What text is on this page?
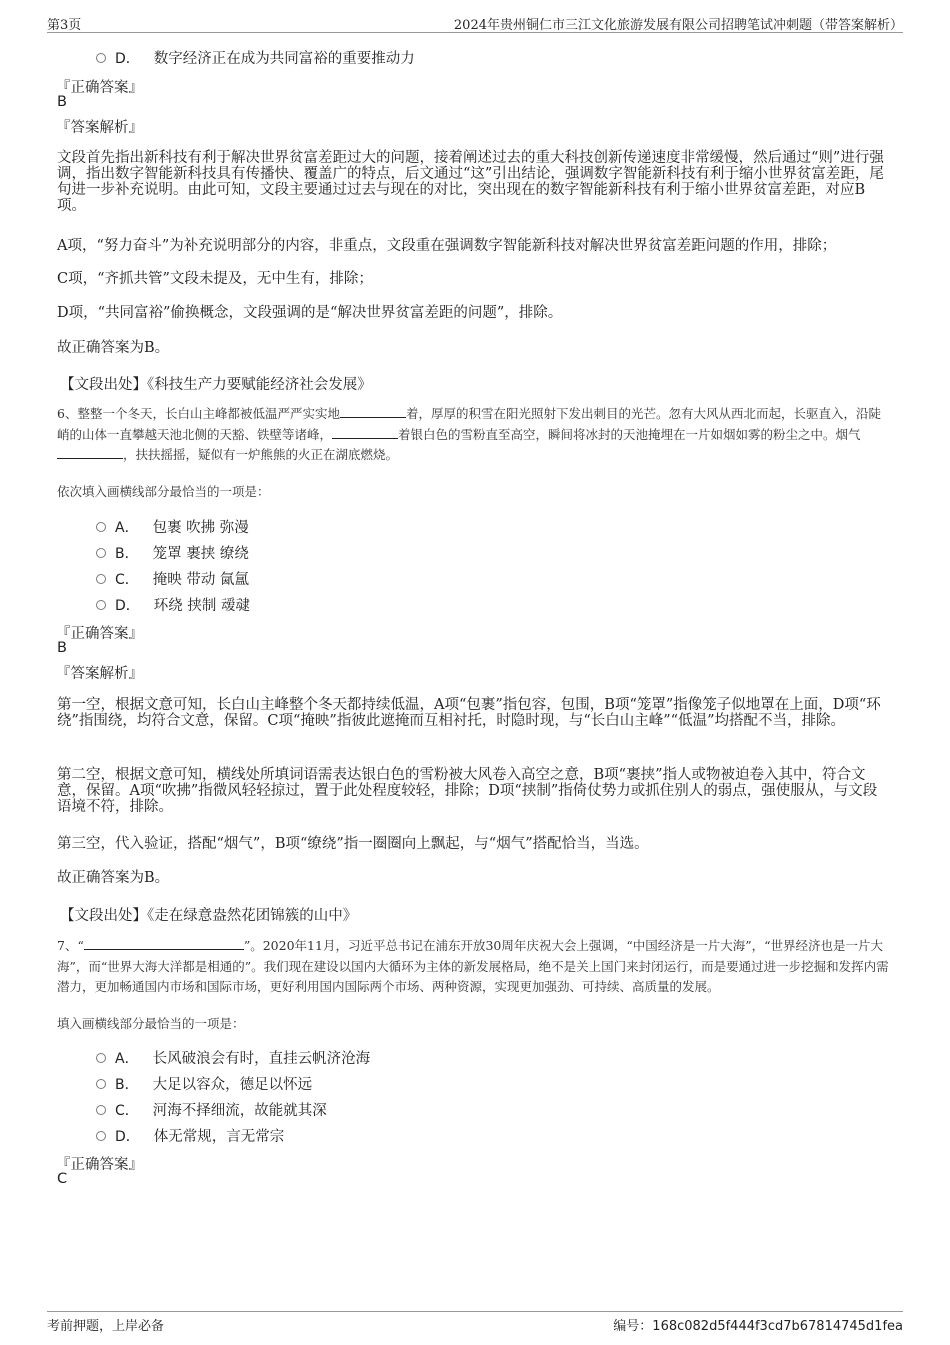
第3页	2024年贵州铜仁市三江文化旅游发展有限公司招聘笔试冲刺题（带答案解析）
D． 数字经济正在成为共同富裕的重要推动力
『正确答案』
B
『答案解析』
文段首先指出新科技有利于解决世界贫富差距过大的问题，接着阐述过去的重大科技创新传递速度非常缓慢，然后通过“则”进行强调，指出数字智能新科技具有传播快、覆盖广的特点，后文通过“这”引出结论，强调数字智能新科技有利于缩小世界贫富差距，尾句进一步补充说明。由此可知，文段主要通过过去与现在的对比，突出现在的数字智能新科技有利于缩小世界贫富差距，对应B项。
A项，“努力奋斗”为补充说明部分的内容，非重点，文段重在强调数字智能新科技对解决世界贫富差距问题的作用，排除；
C项，“齐抓共管”文段未提及，无中生有，排除；
D项，“共同富裕”偷换概念，文段强调的是“解决世界贫富差距的问题”，排除。
故正确答案为B。
【文段出处】《科技生产力要赋能经济社会发展》
6、整整一个冬天，长白山主峰都被低温严严实实地	着，厚厚的积雪在阳光照射下发出刺目的光芒。忽有大风从西北而起，长驱直入，沿陡峭的山体一直攀越天池北侧的天豁、铁壁等诸峰，	着银白色的雪粉直至高空，瞬间将冰封的天池掩埋在一片如烟如雾的粉尘之中。烟气，扶扶摇摇，疑似有一炉熊熊的火正在湖底燃烧。
依次填入画横线部分最恰当的一项是：
A． 包裹 吹拂 弥漫
B． 笼罩 裹挟 缭绕
C． 掩映 带动 氤氲
D． 环绕 挟制 叆叇
『正确答案』
B
『答案解析』
第一空，根据文意可知，长白山主峰整个冬天都持续低温，A项“包裹”指包容，包围，B项“笼罩”指像笼子似地罩在上面，D项“环绕”指围绕，均符合文意，保留。C项“掩映”指彼此遮掩而互相衬托，时隐时现，与“长白山主峰”“低温”均搭配不当，排除。
第二空，根据文意可知，横线处所填词语需表达银白色的雪粉被大风卷入高空之意，B项“裹挟”指人或物被迫卷入其中，符合文意，保留。A项“吹拂”指微风轻轻掠过，置于此处程度较轻，排除；D项“挟制”指倚仗势力或抓住别人的弱点，强使服从，与文段语境不符，排除。
第三空，代入验证，搭配“烟气”，B项“缭绕”指一圈圈向上飘起，与“烟气”搭配恰当，当选。
故正确答案为B。
【文段出处】《走在绿意盎然花团锦簇的山中》
7、“	”。2020年11月，习近平总书记在浦东开放30周年庆祝大会上强调，“中国经济是一片大海”，“世界经济也是一片大海”，而“世界大海大洋都是相通的”。我们现在建设以国内大循环为主体的新发展格局，绝不是关上国门来封闭运行，而是要通过进一步挖掘和发挥内需潜力，更加畅通国内市场和国际市场，更好利用国内国际两个市场、两种资源，实现更加强劲、可持续、高质量的发展。
填入画横线部分最恰当的一项是：
A． 长风破浪会有时，直挂云帆济沧海
B． 大足以容众，德足以怀远
C． 河海不择细流，故能就其深
D． 体无常规，言无常宗
『正确答案』
C
考前押题，上岸必备	编号：168c082d5f444f3cd7b67814745d1fea
